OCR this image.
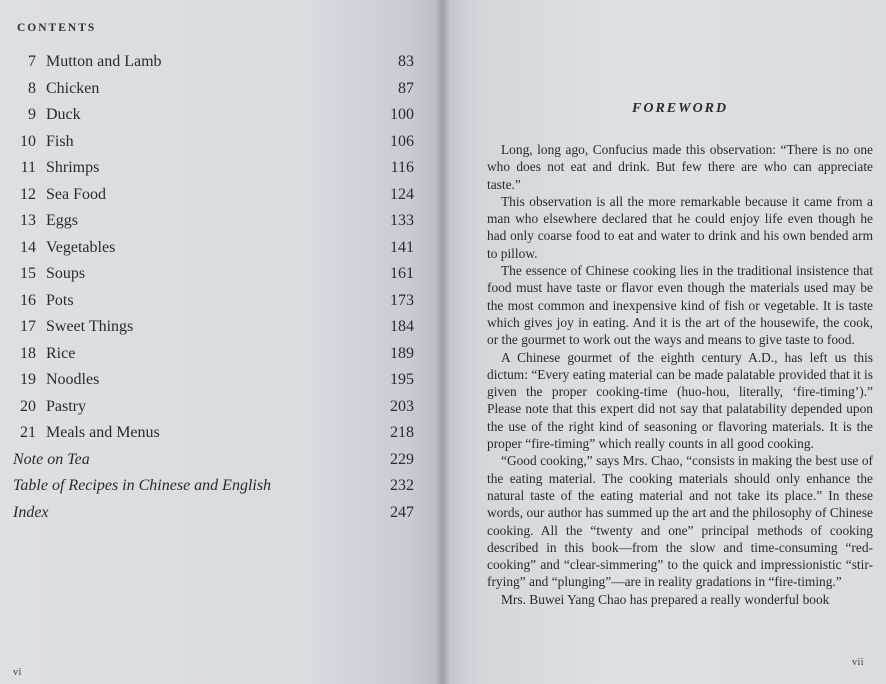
CONTENTS
7 Mutton and Lamb	83
8 Chicken	87
9 Duck	100
10 Fish	106
11 Shrimps	116
12 Sea Food	124
13 Eggs	133
14 Vegetables	141
15 Soups	161
16 Pots	173
17 Sweet Things	184
18 Rice	189
19 Noodles	195
20 Pastry	203
21 Meals and Menus	218
Note on Tea	229
Table of Recipes in Chinese and English	232
Index	247
vi
FOREWORD

Long, long ago, Confucius made this observation: “There is no one who does not eat and drink. But few there are who can appreciate taste.”

This observation is all the more remarkable because it came from a man who elsewhere declared that he could enjoy life even though he had only coarse food to eat and water to drink and his own bended arm to pillow.

The essence of Chinese cooking lies in the traditional insistence that food must have taste or flavor even though the materials used may be the most common and inexpensive kind of fish or vegetable. It is taste which gives joy in eating. And it is the art of the housewife, the cook, or the gourmet to work out the ways and means to give taste to food.

A Chinese gourmet of the eighth century A.D., has left us this dictum: “Every eating material can be made palatable provided that it is given the proper cooking-time (huo-hou, literally, ‘fire-timing’).” Please note that this expert did not say that palatability depended upon the use of the right kind of seasoning or flavoring materials. It is the proper “fire-timing” which really counts in all good cooking.

“Good cooking,” says Mrs. Chao, “consists in making the best use of the eating material. The cooking materials should only enhance the natural taste of the eating material and not take its place.” In these words, our author has summed up the art and the philosophy of Chinese cooking. All the “twenty and one” principal methods of cooking described in this book—from the slow and time-consuming “red-cooking” and “clear-simmering” to the quick and impressionistic “stir-frying” and “plunging”—are in reality gradations in “fire-timing.”

Mrs. Buwei Yang Chao has prepared a really wonderful book

vii
